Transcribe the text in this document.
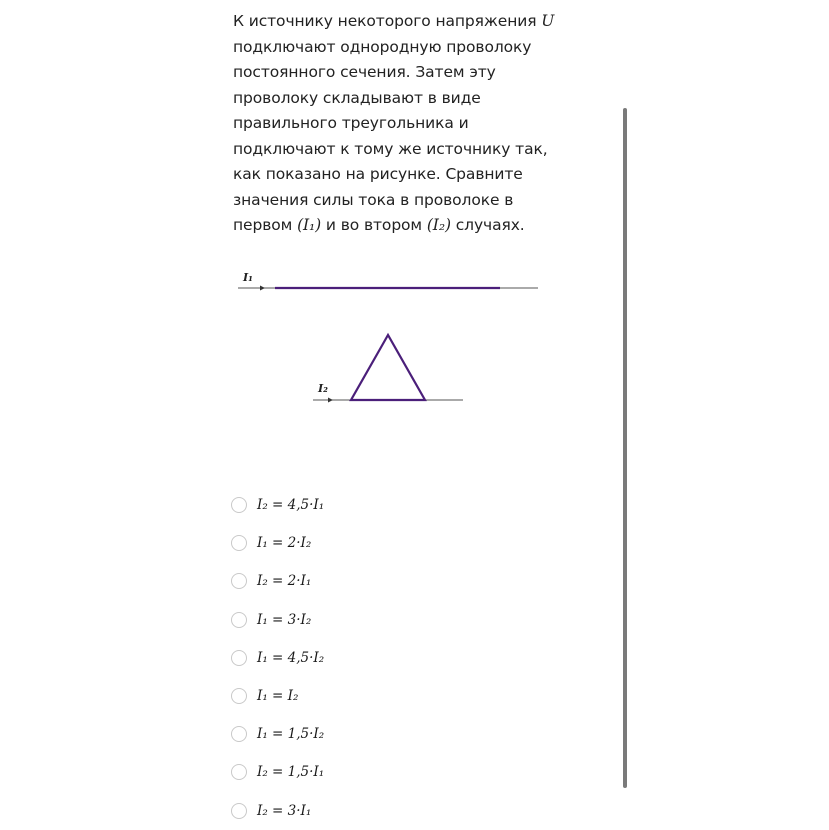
К источнику некоторого напряжения U подключают однородную проволоку постоянного сечения. Затем эту проволоку складывают в виде правильного треугольника и подключают к тому же источнику так, как показано на рисунке. Сравните значения силы тока в проволоке в первом (I₁) и во втором (I₂) случаях.

I₁
I₂
I₂ = 4,5·I₁
I₁ = 2·I₂
I₂ = 2·I₁
I₁ = 3·I₂
I₁ = 4,5·I₂
I₁ = I₂
I₁ = 1,5·I₂
I₂ = 1,5·I₁
I₂ = 3·I₁
